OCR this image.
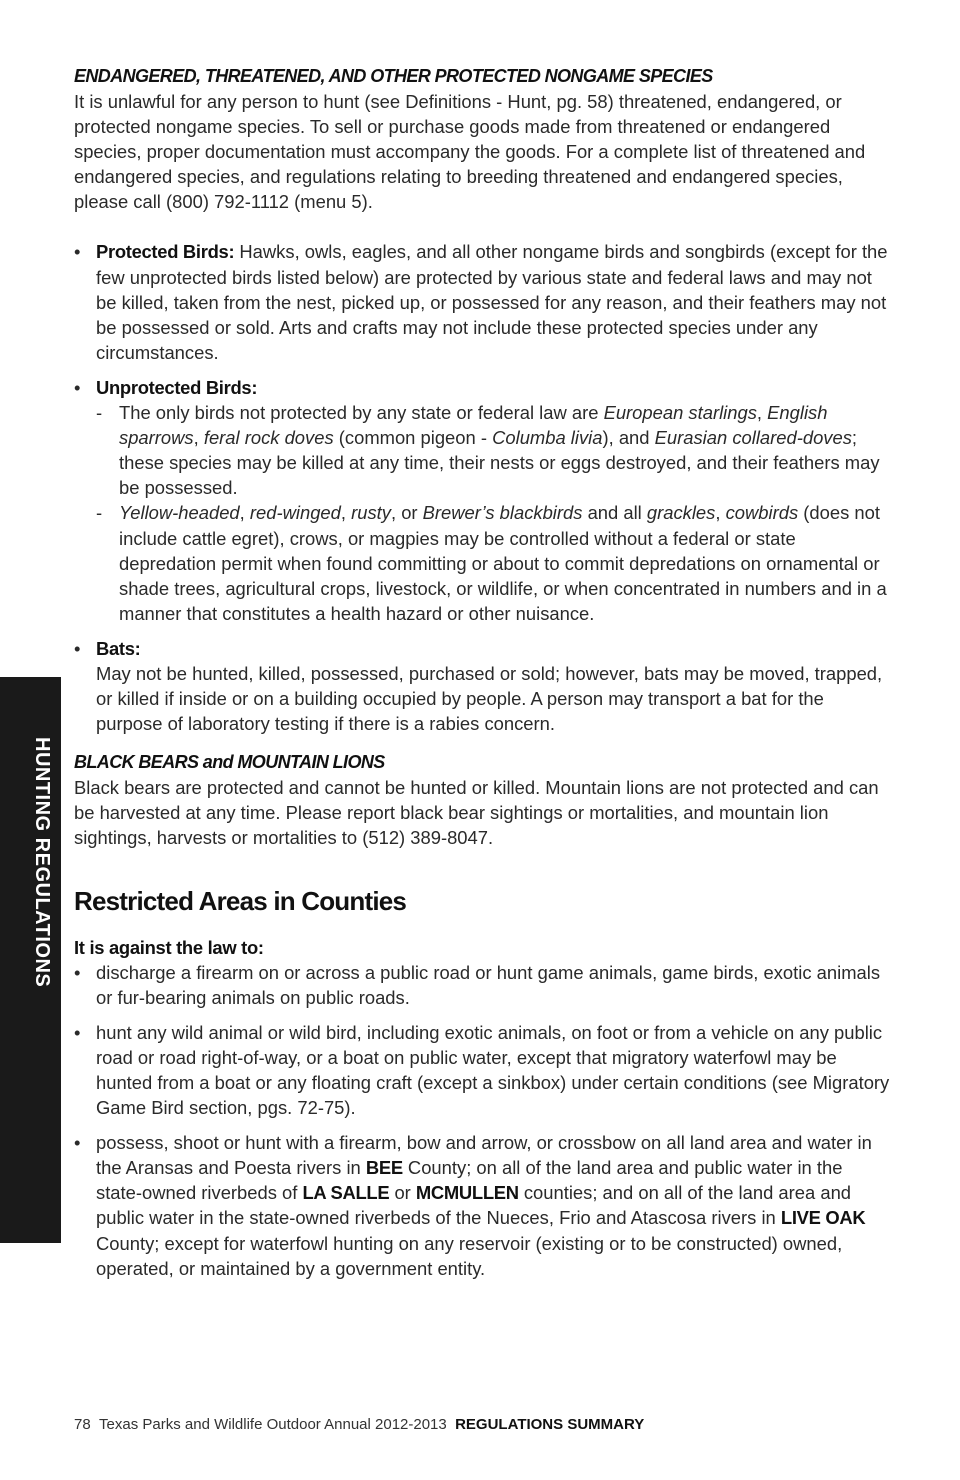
HUNTING REGULATIONS
ENDANGERED, THREATENED, AND OTHER PROTECTED NONGAME SPECIES

It is unlawful for any person to hunt (see Definitions - Hunt, pg. 58) threatened, endangered, or protected nongame species. To sell or purchase goods made from threatened or endangered species, proper documentation must accompany the goods. For a complete list of threatened and endangered species, and regulations relating to breeding threatened and endangered species, please call (800) 792-1112 (menu 5).

• Protected Birds: Hawks, owls, eagles, and all other nongame birds and songbirds (except for the few unprotected birds listed below) are protected by various state and federal laws and may not be killed, taken from the nest, picked up, or possessed for any reason, and their feathers may not be possessed or sold. Arts and crafts may not include these protected species under any circumstances.
• Unprotected Birds:
- The only birds not protected by any state or federal law are European starlings, English sparrows, feral rock doves (common pigeon - Columba livia), and Eurasian collared-doves; these species may be killed at any time, their nests or eggs destroyed, and their feathers may be possessed.
- Yellow-headed, red-winged, rusty, or Brewer’s blackbirds and all grackles, cowbirds (does not include cattle egret), crows, or magpies may be controlled without a federal or state depredation permit when found committing or about to commit depredations on ornamental or shade trees, agricultural crops, livestock, or wildlife, or when concentrated in numbers and in a manner that constitutes a health hazard or other nuisance.
• Bats:

May not be hunted, killed, possessed, purchased or sold; however, bats may be moved, trapped, or killed if inside or on a building occupied by people. A person may transport a bat for the purpose of laboratory testing if there is a rabies concern.

BLACK BEARS and MOUNTAIN LIONS

Black bears are protected and cannot be hunted or killed. Mountain lions are not protected and can be harvested at any time. Please report black bear sightings or mortalities, and mountain lion sightings, harvests or mortalities to (512) 389-8047.

Restricted Areas in Counties

It is against the law to:

• discharge a firearm on or across a public road or hunt game animals, game birds, exotic animals or fur-bearing animals on public roads.
• hunt any wild animal or wild bird, including exotic animals, on foot or from a vehicle on any public road or road right-of-way, or a boat on public water, except that migratory waterfowl may be hunted from a boat or any floating craft (except a sinkbox) under certain conditions (see Migratory Game Bird section, pgs. 72-75).
• possess, shoot or hunt with a firearm, bow and arrow, or crossbow on all land area and water in the Aransas and Poesta rivers in BEE County; on all of the land area and public water in the state-owned riverbeds of LA SALLE or MCMULLEN counties; and on all of the land area and public water in the state-owned riverbeds of the Nueces, Frio and Atascosa rivers in LIVE OAK County; except for waterfowl hunting on any reservoir (existing or to be constructed) owned, operated, or maintained by a government entity.
78 Texas Parks and Wildlife Outdoor Annual 2012-2013 REGULATIONS SUMMARY
